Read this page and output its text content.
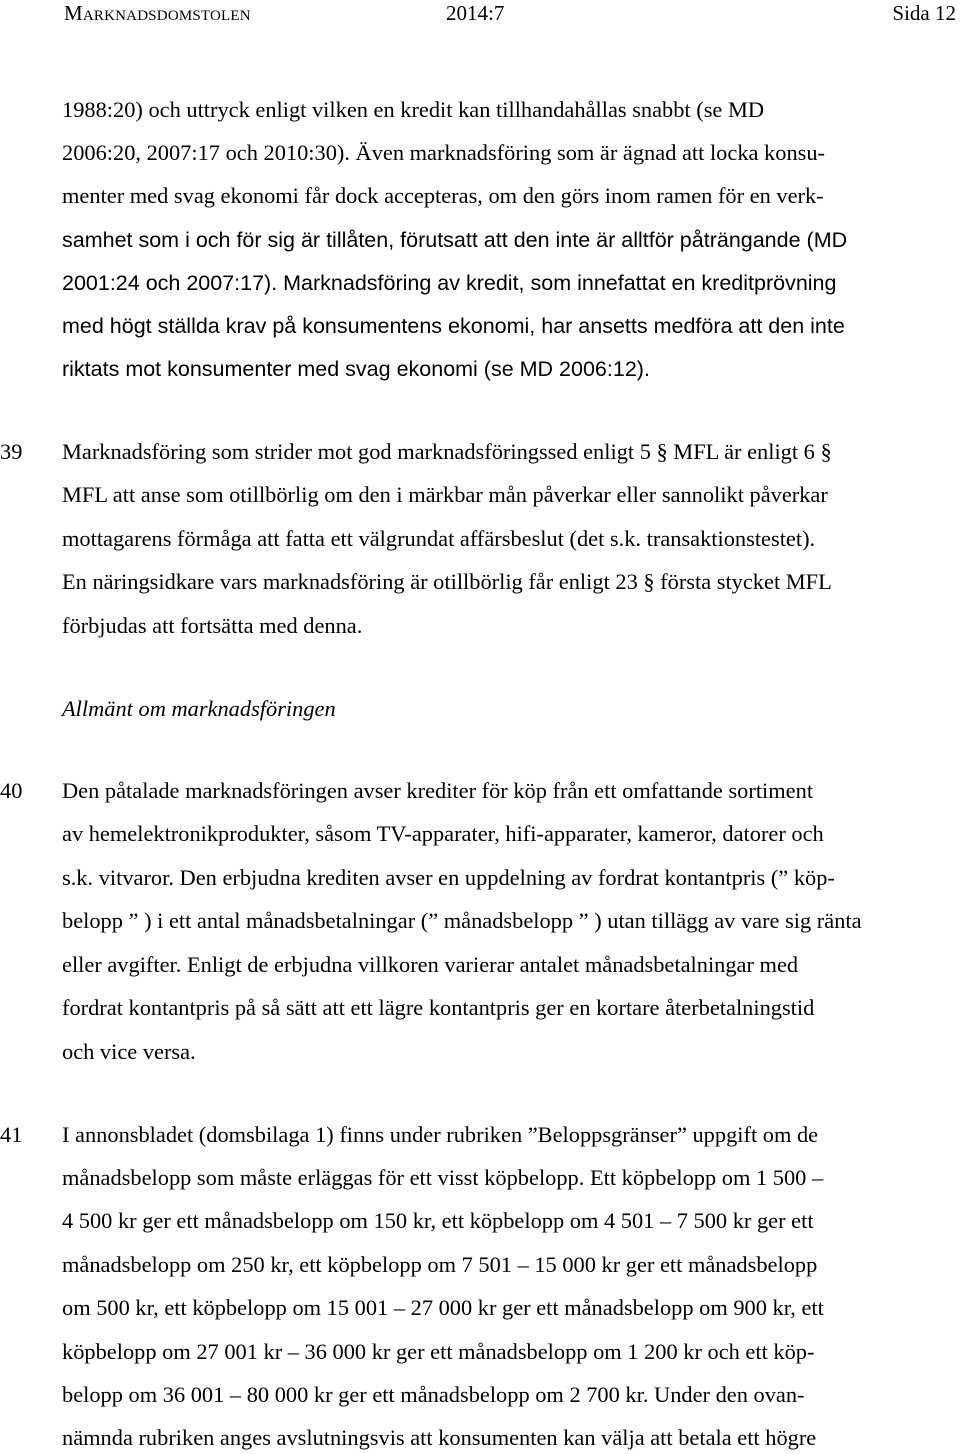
Marknadsdomstolen	2014:7	Sida 12
1988:20) och uttryck enligt vilken en kredit kan tillhandahållas snabbt (se MD
2006:20, 2007:17 och 2010:30). Även marknadsföring som är ägnad att locka konsu-
menter med svag ekonomi får dock accepteras, om den görs inom ramen för en verk-
samhet som i och för sig är tillåten, förutsatt att den inte är alltför påträngande (MD
2001:24 och 2007:17). Marknadsföring av kredit, som innefattat en kreditprövning
med högt ställda krav på konsumentens ekonomi, har ansetts medföra att den inte
riktats mot konsumenter med svag ekonomi (se MD 2006:12).
39	Marknadsföring som strider mot god marknadsföringssed enligt 5 § MFL är enligt 6 §
MFL att anse som otillbörlig om den i märkbar mån påverkar eller sannolikt påverkar
mottagarens förmåga att fatta ett välgrundat affärsbeslut (det s.k. transaktionstestet).
En näringsidkare vars marknadsföring är otillbörlig får enligt 23 § första stycket MFL
förbjudas att fortsätta med denna.
Allmänt om marknadsföringen
40	Den påtalade marknadsföringen avser krediter för köp från ett omfattande sortiment
av hemelektronikprodukter, såsom TV-apparater, hifi-apparater, kameror, datorer och
s.k. vitvaror. Den erbjudna krediten avser en uppdelning av fordrat kontantpris (” köp-
belopp ” ) i ett antal månadsbetalningar (” månadsbelopp ” ) utan tillägg av vare sig ränta
eller avgifter. Enligt de erbjudna villkoren varierar antalet månadsbetalningar med
fordrat kontantpris på så sätt att ett lägre kontantpris ger en kortare återbetalningstid
och vice versa.
41	I annonsbladet (domsbilaga 1) finns under rubriken ”Beloppsgränser” uppgift om de
månadsbelopp som måste erläggas för ett visst köpbelopp. Ett köpbelopp om 1 500 –
4 500 kr ger ett månadsbelopp om 150 kr, ett köpbelopp om 4 501 – 7 500 kr ger ett
månadsbelopp om 250 kr, ett köpbelopp om 7 501 – 15 000 kr ger ett månadsbelopp
om 500 kr, ett köpbelopp om 15 001 – 27 000 kr ger ett månadsbelopp om 900 kr, ett
köpbelopp om 27 001 kr – 36 000 kr ger ett månadsbelopp om 1 200 kr och ett köp-
belopp om 36 001 – 80 000 kr ger ett månadsbelopp om 2 700 kr. Under den ovan-
nämnda rubriken anges avslutningsvis att konsumenten kan välja att betala ett högre
